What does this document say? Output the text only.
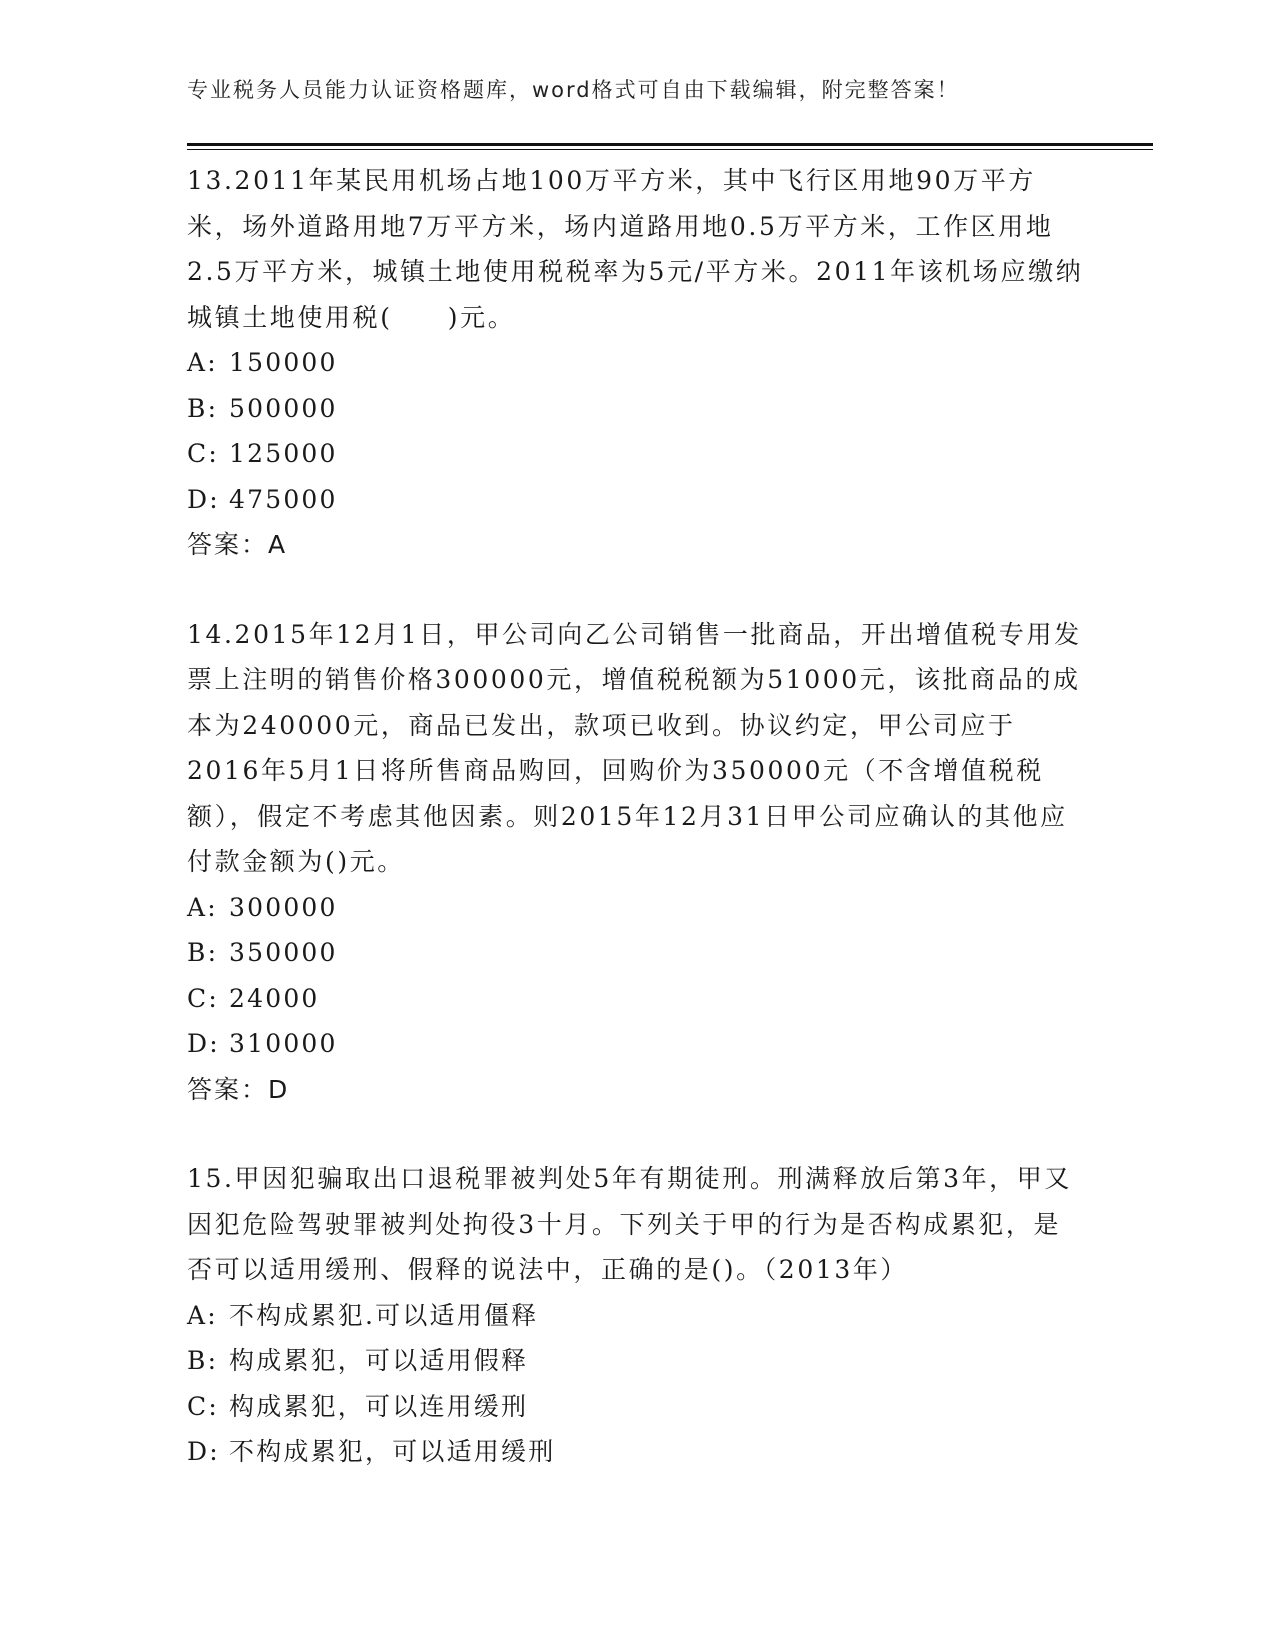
专业税务人员能力认证资格题库，word格式可自由下载编辑，附完整答案！

13.2011年某民用机场占地100万平方米，其中飞行区用地90万平方米，场外道路用地7万平方米，场内道路用地0.5万平方米，工作区用地2.5万平方米，城镇土地使用税税率为5元/平方米。2011年该机场应缴纳城镇土地使用税(　　)元。

A: 150000

B: 500000

C: 125000

D: 475000

答案：A

14.2015年12月1日，甲公司向乙公司销售一批商品，开出增值税专用发票上注明的销售价格300000元，增值税税额为51000元，该批商品的成本为240000元，商品已发出，款项已收到。协议约定，甲公司应于2016年5月1日将所售商品购回，回购价为350000元（不含增值税税额），假定不考虑其他因素。则2015年12月31日甲公司应确认的其他应付款金额为()元。

A: 300000

B: 350000

C: 24000

D: 310000

答案：D

15.甲因犯骗取出口退税罪被判处5年有期徒刑。刑满释放后第3年，甲又因犯危险驾驶罪被判处拘役3十月。下列关于甲的行为是否构成累犯，是否可以适用缓刑、假释的说法中，正确的是()。（2013年）

A: 不构成累犯.可以适用僵释

B: 构成累犯，可以适用假释

C: 构成累犯，可以连用缓刑

D: 不构成累犯，可以适用缓刑
